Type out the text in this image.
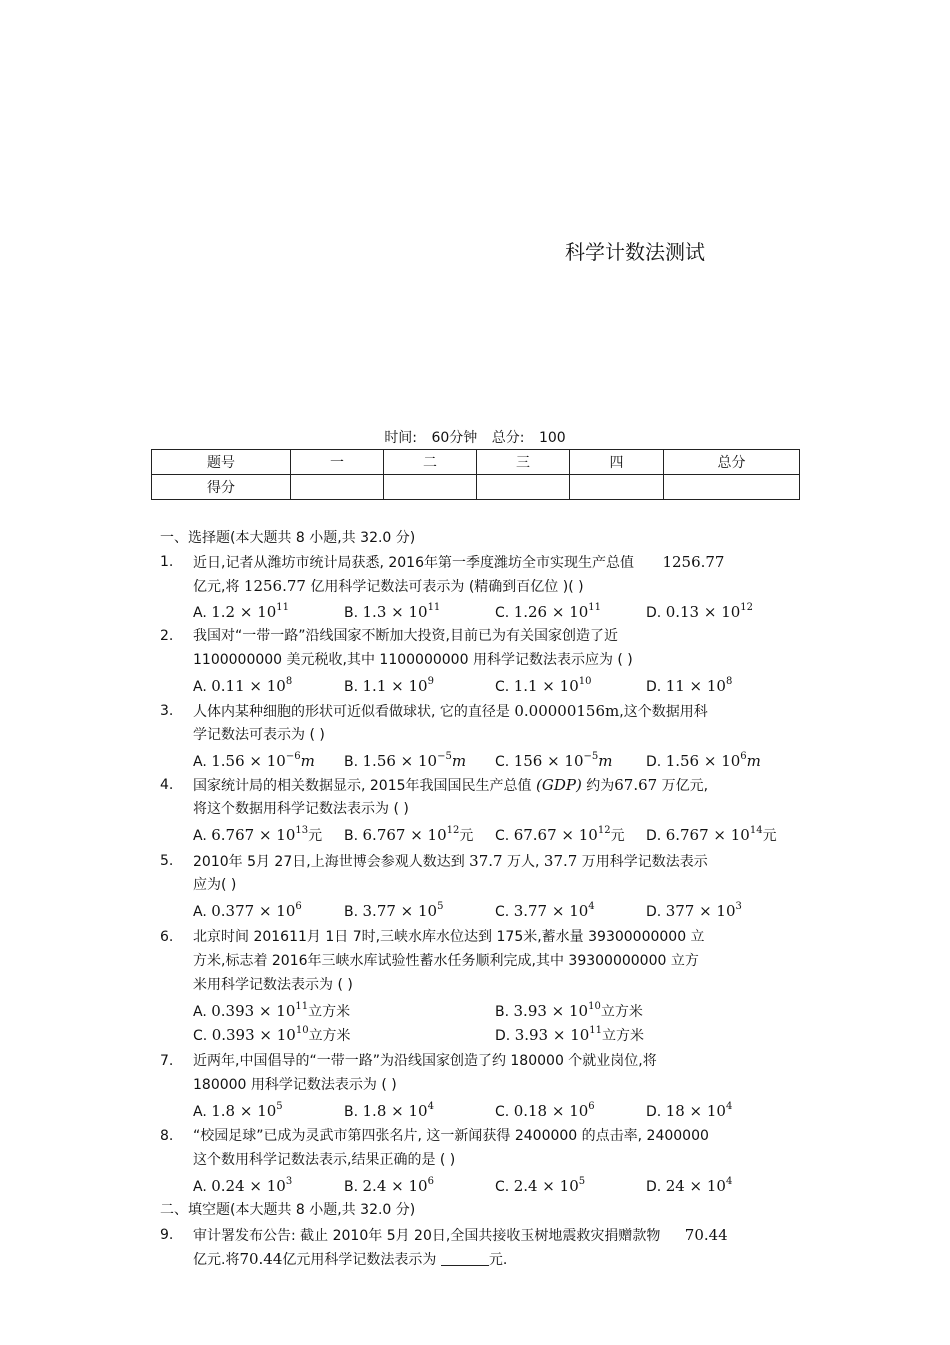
科学计数法测试
时间: 60分钟 总分: 100
题号	一	二	三	四	总分
得分					
一、选择题(本大题共 8 小题,共 32.0 分)
1. 近日,记者从潍坊市统计局获悉, 2016年第一季度潍坊全市实现生产总值 1256.77
亿元,将 1256.77 亿用科学记数法可表示为 (精确到百亿位 )( )
A. $1.2 \times 10^{11}$	B. $1.3 \times 10^{11}$	C. $1.26 \times 10^{11}$	D. $0.13 \times 10^{12}$
2. 我国对“一带一路”沿线国家不断加大投资,目前已为有关国家创造了近
1100000000 美元税收,其中 1100000000 用科学记数法表示应为 ( )
A. $0.11 \times 10^8$	B. $1.1 \times 10^9$	C. $1.1 \times 10^{10}$	D. $11 \times 10^8$
3. 人体内某种细胞的形状可近似看做球状, 它的直径是 0.00000156m,这个数据用科
学记数法可表示为 ( )
A. $1.56 \times 10^{-6}m$ B. $1.56 \times 10^{-5}m$ C. $156 \times 10^{-5}m$ D. $1.56 \times 10^6m$
4. 国家统计局的相关数据显示, 2015年我国国民生产总值 (GDP) 约为67.67 万亿元,
将这个数据用科学记数法表示为 ( )
A. $6.767 \times 10^{13}$元 B. $6.767 \times 10^{12}$元 C. $67.67 \times 10^{12}$元 D. $6.767 \times 10^{14}$元
5. 2010年 5月 27日,上海世博会参观人数达到 37.7 万人, 37.7 万用科学记数法表示
应为( )
A. $0.377 \times 10^6$	B. $3.77 \times 10^5$	C. $3.77 \times 10^4$	D. $377 \times 10^3$
6. 北京时间 201611月 1日 7时,三峡水库水位达到 175米,蓄水量 39300000000 立
方米,标志着 2016年三峡水库试验性蓄水任务顺利完成,其中 39300000000 立方
米用科学记数法表示为 ( )
A. $0.393 \times 10^{11}$立方米	B. $3.93 \times 10^{10}$立方米
C. $0.393 \times 10^{10}$立方米	D. $3.93 \times 10^{11}$立方米
7. 近两年,中国倡导的“一带一路”为沿线国家创造了约 180000 个就业岗位,将
180000 用科学记数法表示为 ( )
A. $1.8 \times 10^5$	B. $1.8 \times 10^4$	C. $0.18 \times 10^6$	D. $18 \times 10^4$
8. “校园足球”已成为灵武市第四张名片, 这一新闻获得 2400000 的点击率, 2400000
这个数用科学记数法表示,结果正确的是 ( )
A. $0.24 \times 10^3$	B. $2.4 \times 10^6$	C. $2.4 \times 10^5$	D. $24 \times 10^4$
二、填空题(本大题共 8 小题,共 32.0 分)
9. 审计署发布公告: 截止 2010年 5月 20日,全国共接收玉树地震救灾捐赠款物 70.44
亿元.将70.44亿元用科学记数法表示为	元.
